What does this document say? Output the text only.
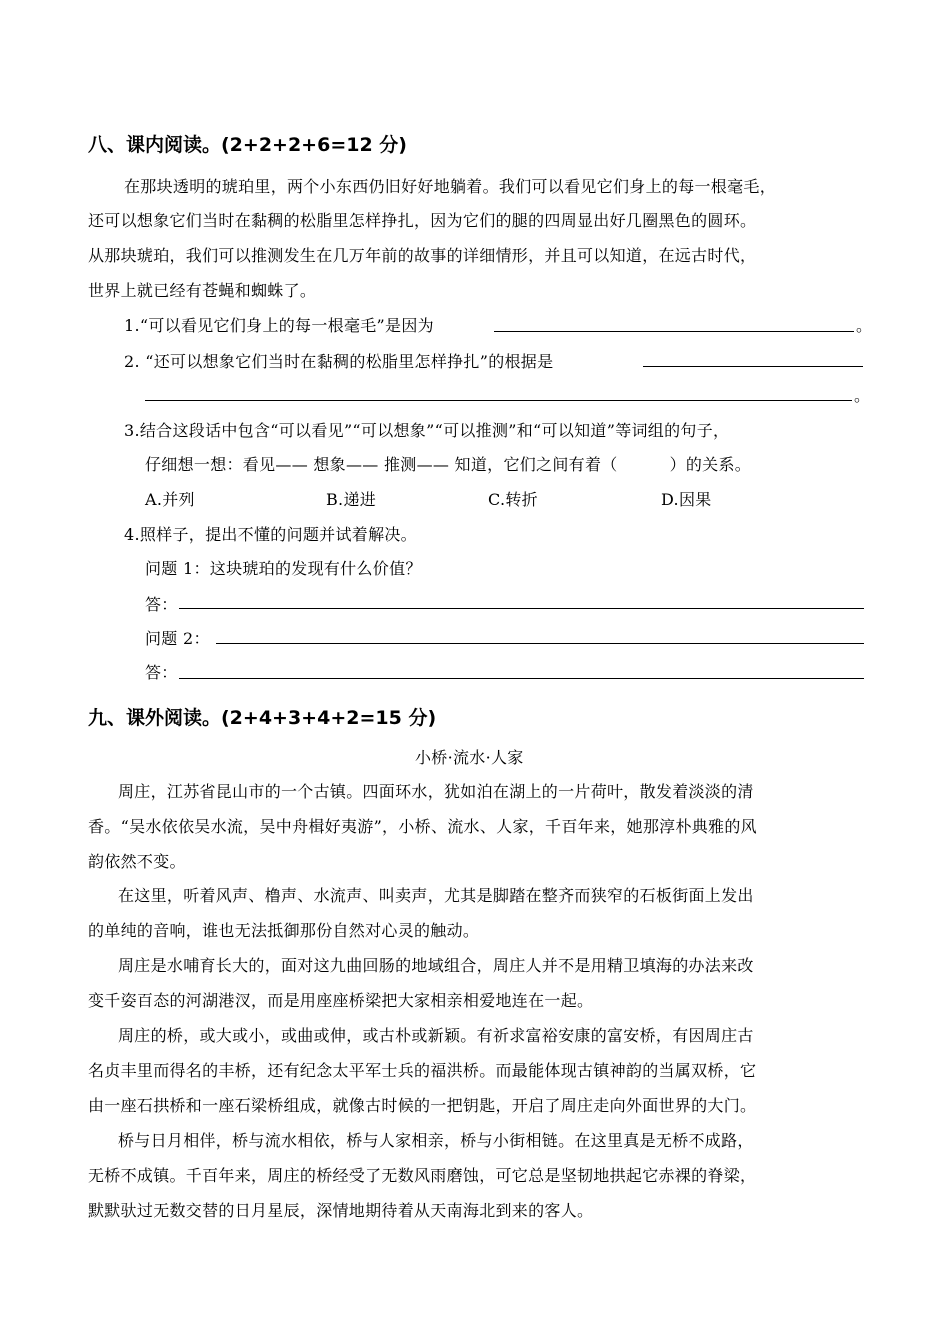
八、课内阅读。(2+2+2+6=12 分)
在那块透明的琥珀里，两个小东西仍旧好好地躺着。我们可以看见它们身上的每一根毫毛，
还可以想象它们当时在黏稠的松脂里怎样挣扎，因为它们的腿的四周显出好几圈黑色的圆环。
从那块琥珀，我们可以推测发生在几万年前的故事的详细情形，并且可以知道，在远古时代，
世界上就已经有苍蝇和蜘蛛了。
1.“可以看见它们身上的每一根毫毛”是因为	。
2. “还可以想象它们当时在黏稠的松脂里怎样挣扎”的根据是
。
3.结合这段话中包含“可以看见”“可以想象”“可以推测”和“可以知道”等词组的句子，
仔细想一想：看见—— 想象—— 推测—— 知道，它们之间有着（	）的关系。
A.并列	B.递进	C.转折	D.因果
4.照样子，提出不懂的问题并试着解决。
问题 1：这块琥珀的发现有什么价值？
答：
问题 2：
答：
九、课外阅读。(2+4+3+4+2=15 分)
小桥·流水·人家
周庄，江苏省昆山市的一个古镇。四面环水，犹如泊在湖上的一片荷叶，散发着淡淡的清
香。“吴水依依吴水流，吴中舟楫好夷游”，小桥、流水、人家，千百年来，她那淳朴典雅的风
韵依然不变。
在这里，听着风声、橹声、水流声、叫卖声，尤其是脚踏在整齐而狭窄的石板街面上发出
的单纯的音响，谁也无法抵御那份自然对心灵的触动。
周庄是水哺育长大的，面对这九曲回肠的地域组合，周庄人并不是用精卫填海的办法来改
变千姿百态的河湖港汊，而是用座座桥梁把大家相亲相爱地连在一起。
周庄的桥，或大或小，或曲或伸，或古朴或新颖。有祈求富裕安康的富安桥，有因周庄古
名贞丰里而得名的丰桥，还有纪念太平军士兵的福洪桥。而最能体现古镇神韵的当属双桥，它
由一座石拱桥和一座石梁桥组成，就像古时候的一把钥匙，开启了周庄走向外面世界的大门。
桥与日月相伴，桥与流水相依，桥与人家相亲，桥与小街相链。在这里真是无桥不成路，
无桥不成镇。千百年来，周庄的桥经受了无数风雨磨蚀，可它总是坚韧地拱起它赤裸的脊梁，
默默驮过无数交替的日月星辰，深情地期待着从天南海北到来的客人。
